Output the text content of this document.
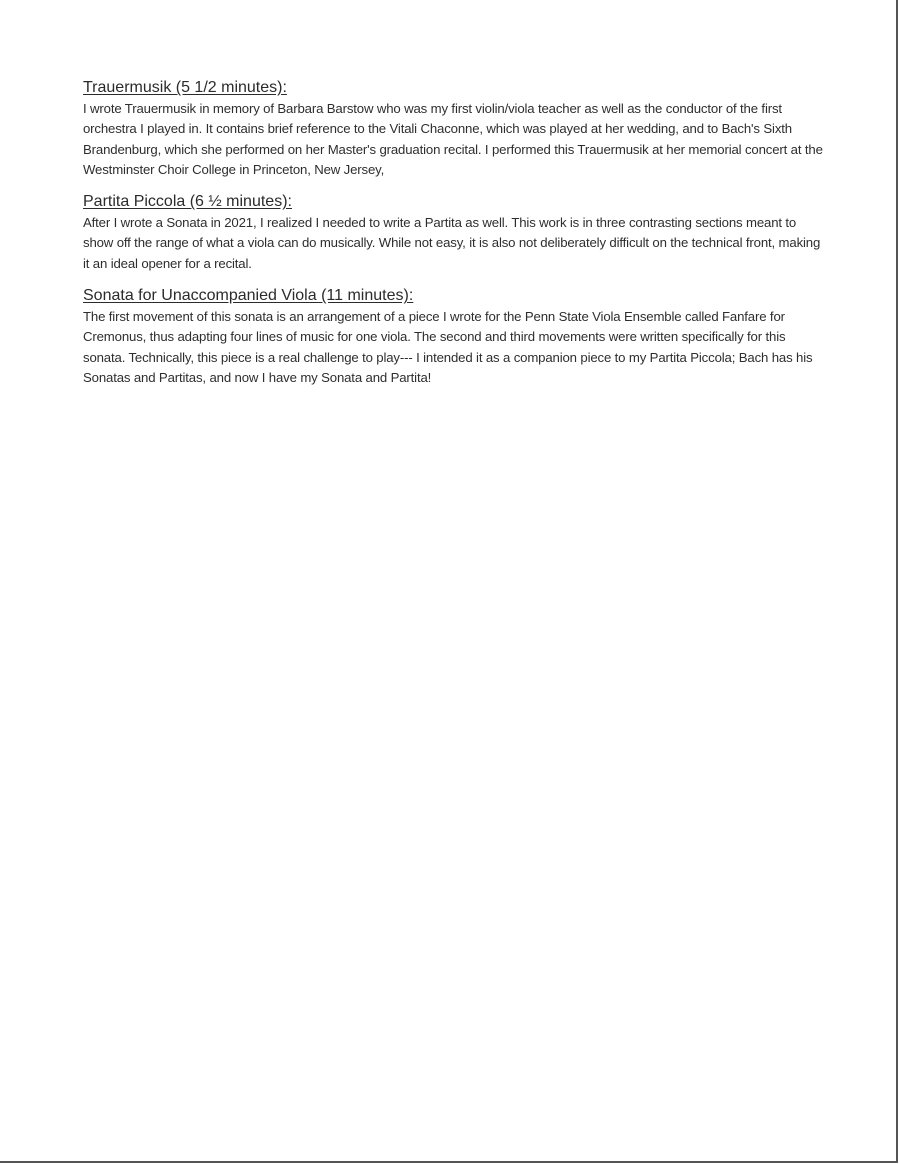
Trauermusik (5 1/2 minutes):

I wrote Trauermusik in memory of Barbara Barstow who was my first violin/viola teacher as well as the conductor of the first orchestra I played in. It contains brief reference to the Vitali Chaconne, which was played at her wedding, and to Bach's Sixth Brandenburg, which she performed on her Master's graduation recital. I performed this Trauermusik at her memorial concert at the Westminster Choir College in Princeton, New Jersey,

Partita Piccola (6 ½ minutes):

After I wrote a Sonata in 2021, I realized I needed to write a Partita as well. This work is in three contrasting sections meant to show off the range of what a viola can do musically. While not easy, it is also not deliberately difficult on the technical front, making it an ideal opener for a recital.

Sonata for Unaccompanied Viola (11 minutes):

The first movement of this sonata is an arrangement of a piece I wrote for the Penn State Viola Ensemble called Fanfare for Cremonus, thus adapting four lines of music for one viola. The second and third movements were written specifically for this sonata. Technically, this piece is a real challenge to play--- I intended it as a companion piece to my Partita Piccola; Bach has his Sonatas and Partitas, and now I have my Sonata and Partita!
